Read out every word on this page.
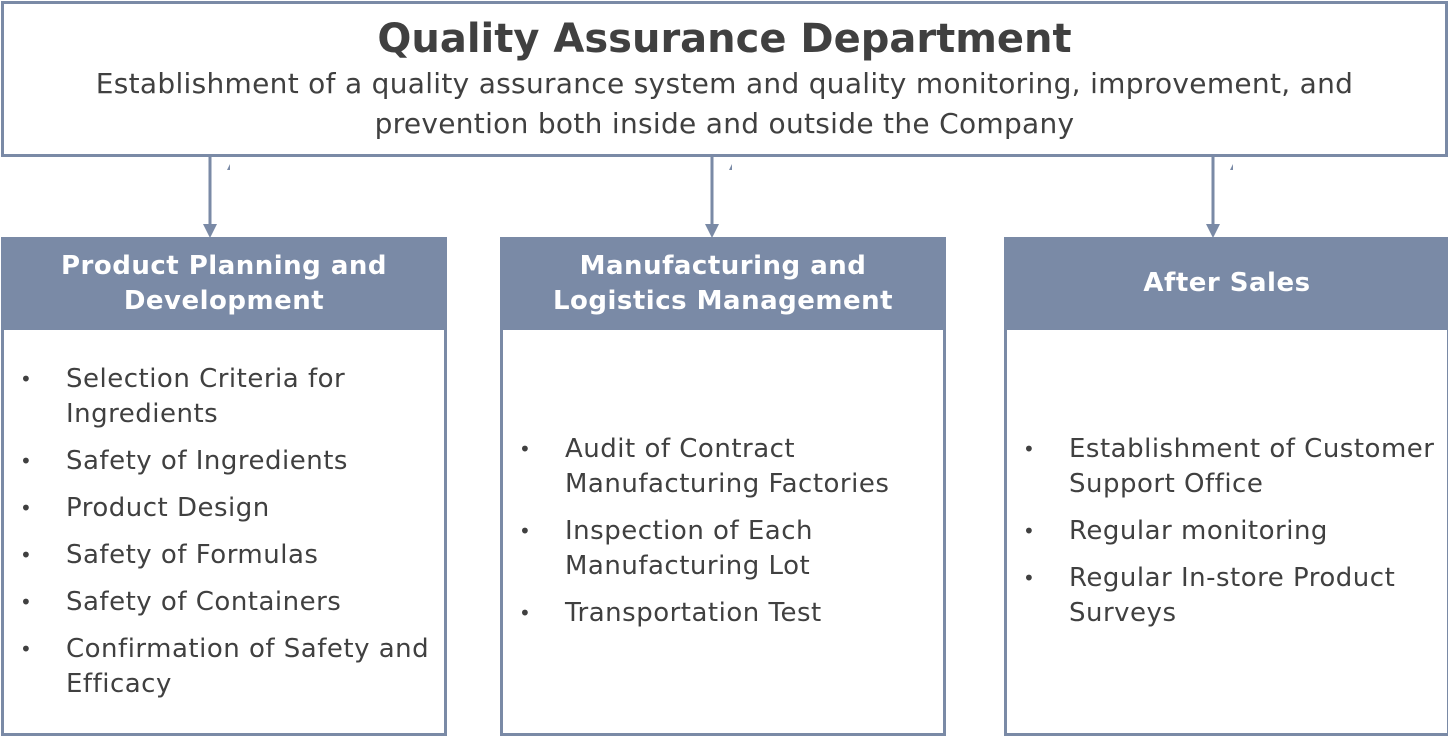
Quality Assurance Department
Establishment of a quality assurance system and quality monitoring, improvement, and prevention both inside and outside the Company
Product Planning and Development
• Selection Criteria for Ingredients
• Safety of Ingredients
• Product Design
• Safety of Formulas
• Safety of Containers
• Confirmation of Safety and Efficacy
Manufacturing and Logistics Management
• Audit of Contract Manufacturing Factories
• Inspection of Each Manufacturing Lot
• Transportation Test
After Sales
• Establishment of Customer Support Office
• Regular monitoring
• Regular In-store Product Surveys
